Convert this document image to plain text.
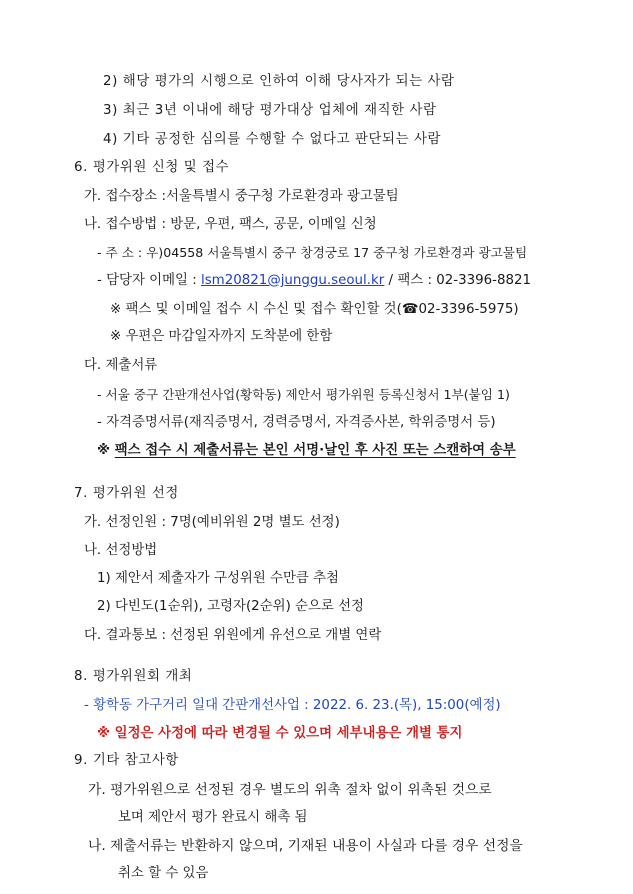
2) 해당 평가의 시행으로 인하여 이해 당사자가 되는 사람
3) 최근 3년 이내에 해당 평가대상 업체에 재직한 사람
4) 기타 공정한 심의를 수행할 수 없다고 판단되는 사람
6. 평가위원 신청 및 접수
가. 접수장소 :서울특별시 중구청 가로환경과 광고물팀
나. 접수방법 : 방문, 우편, 팩스, 공문, 이메일 신청
- 주 소 : 우)04558 서울특별시 중구 창경궁로 17 중구청 가로환경과 광고물팀
- 담당자 이메일 : lsm20821@junggu.seoul.kr / 팩스 : 02-3396-8821
※ 팩스 및 이메일 접수 시 수신 및 접수 확인할 것(☎02-3396-5975)
※ 우편은 마감일자까지 도착분에 한함
다. 제출서류
- 서울 중구 간판개선사업(황학동) 제안서 평가위원 등록신청서 1부(붙임 1)
- 자격증명서류(재직증명서, 경력증명서, 자격증사본, 학위증명서 등)
※ 팩스 접수 시 제출서류는 본인 서명·날인 후 사진 또는 스캔하여 송부
7. 평가위원 선정
가. 선정인원 : 7명(예비위원 2명 별도 선정)
나. 선정방법
1) 제안서 제출자가 구성위원 수만큼 추첨
2) 다빈도(1순위), 고령자(2순위) 순으로 선정
다. 결과통보 : 선정된 위원에게 유선으로 개별 연락
8. 평가위원회 개최
- 황학동 가구거리 일대 간판개선사업 : 2022. 6. 23.(목), 15:00(예정)
※ 일정은 사정에 따라 변경될 수 있으며 세부내용은 개별 통지
9. 기타 참고사항
가. 평가위원으로 선정된 경우 별도의 위촉 절차 없이 위촉된 것으로
보며 제안서 평가 완료시 해촉 됨
나. 제출서류는 반환하지 않으며, 기재된 내용이 사실과 다를 경우 선정을
취소 할 수 있음
